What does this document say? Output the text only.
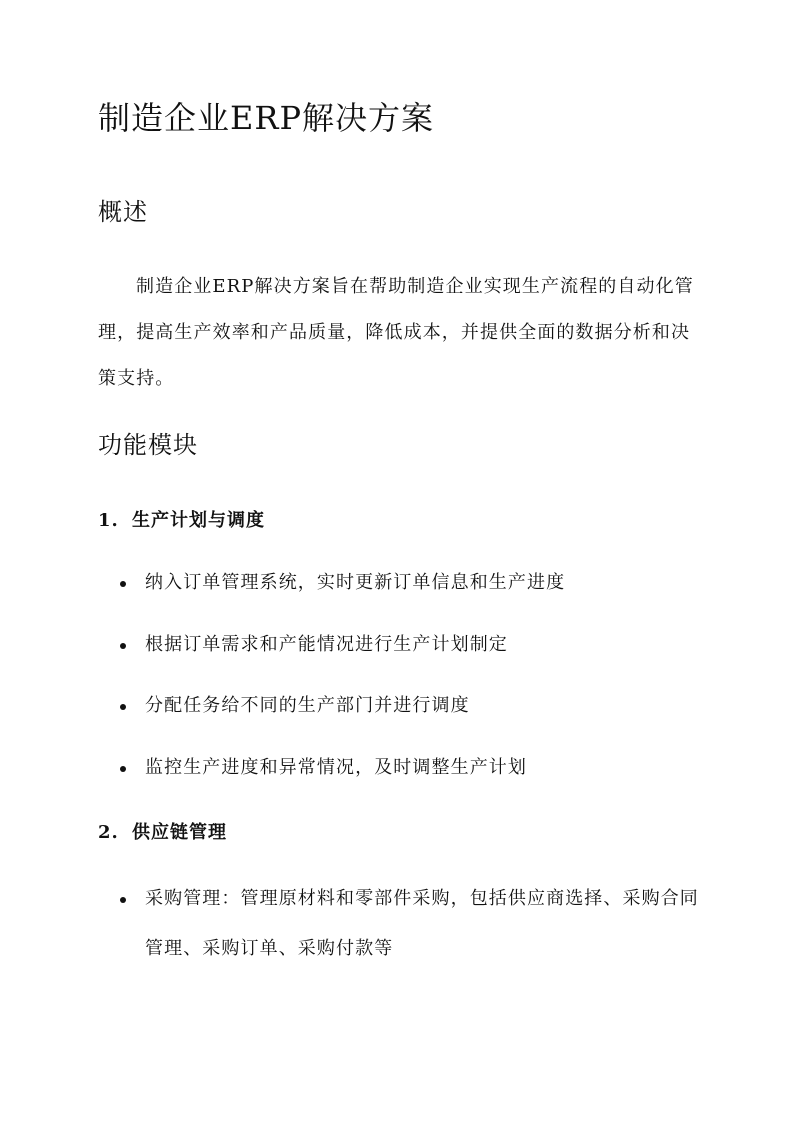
制造企业ERP解决方案
概述

制造企业ERP解决方案旨在帮助制造企业实现生产流程的自动化管理，提高生产效率和产品质量，降低成本，并提供全面的数据分析和决策支持。

功能模块
1. 生产计划与调度
纳入订单管理系统，实时更新订单信息和生产进度
根据订单需求和产能情况进行生产计划制定
分配任务给不同的生产部门并进行调度
监控生产进度和异常情况，及时调整生产计划
2. 供应链管理
采购管理：管理原材料和零部件采购，包括供应商选择、采购合同管理、采购订单、采购付款等
